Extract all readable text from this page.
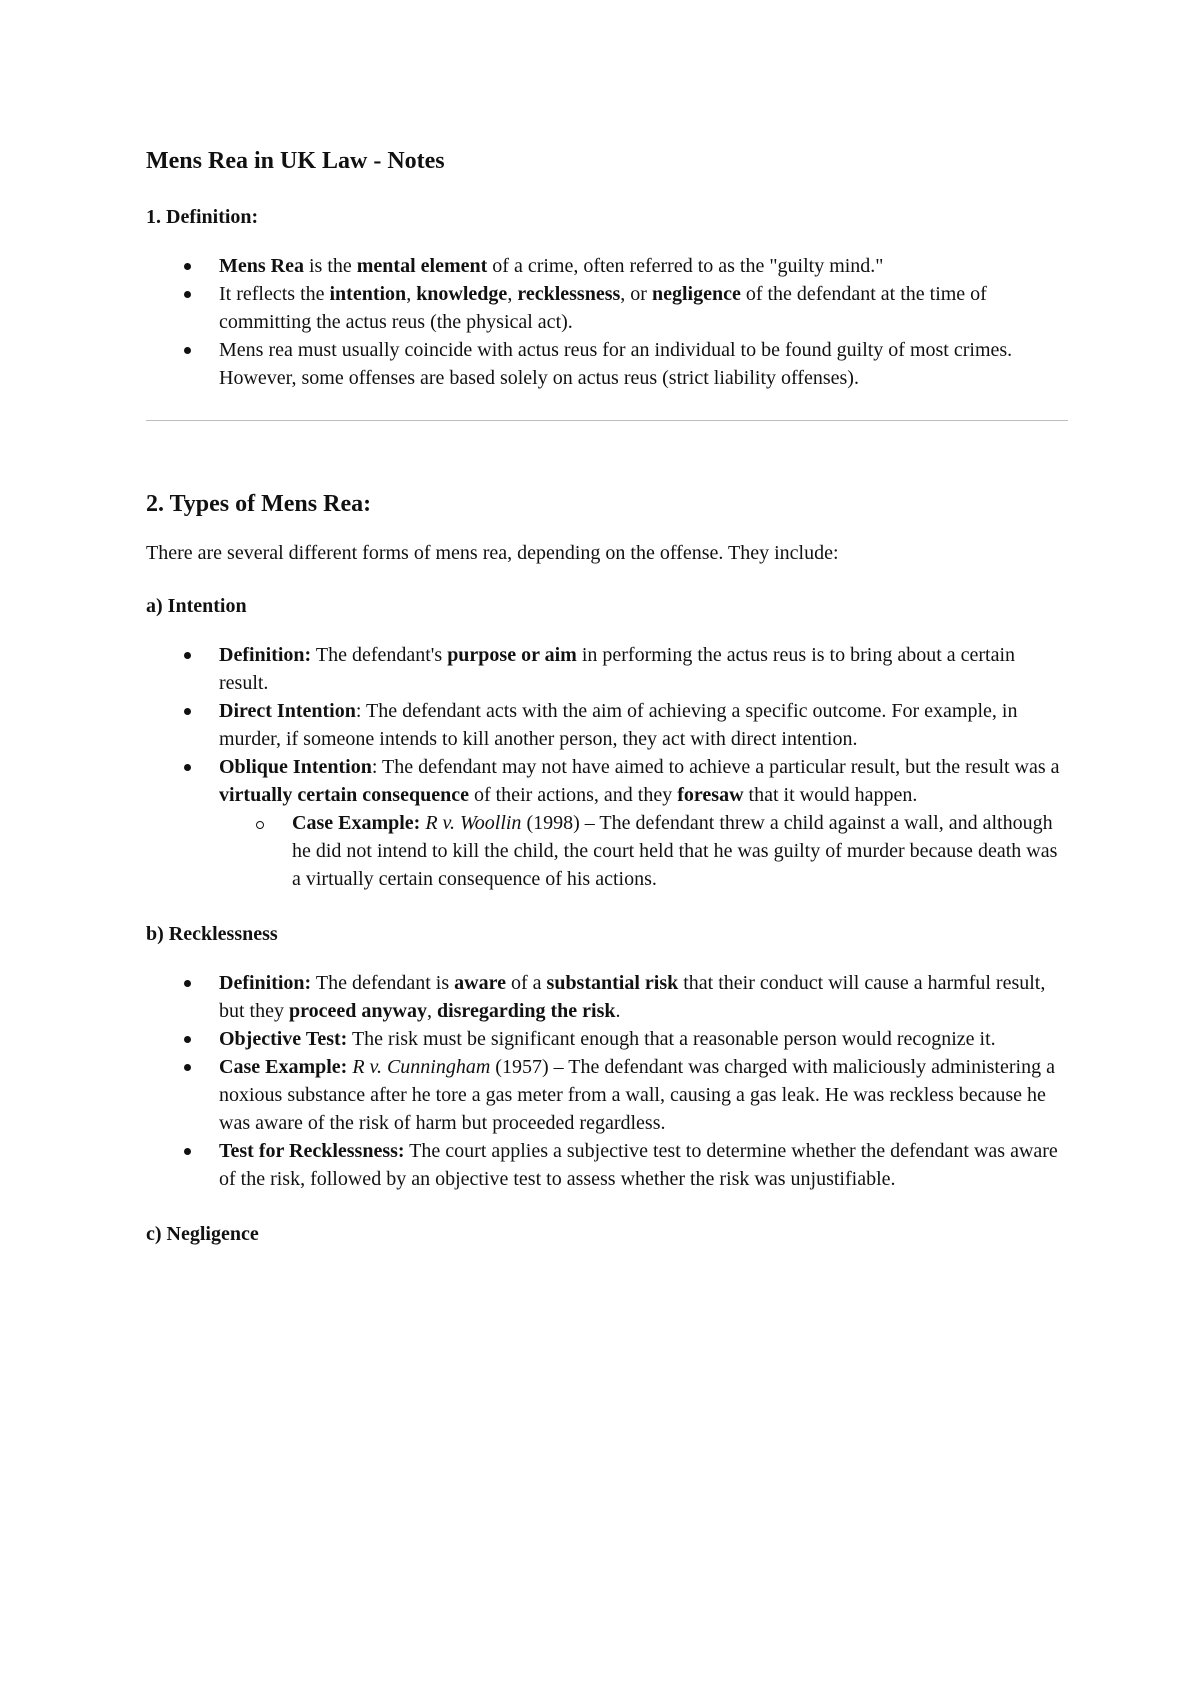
Mens Rea in UK Law - Notes
1. Definition:
Mens Rea is the mental element of a crime, often referred to as the "guilty mind."
It reflects the intention, knowledge, recklessness, or negligence of the defendant at the time of committing the actus reus (the physical act).
Mens rea must usually coincide with actus reus for an individual to be found guilty of most crimes. However, some offenses are based solely on actus reus (strict liability offenses).
2. Types of Mens Rea:

There are several different forms of mens rea, depending on the offense. They include:

a) Intention
Definition: The defendant's purpose or aim in performing the actus reus is to bring about a certain result.
Direct Intention: The defendant acts with the aim of achieving a specific outcome. For example, in murder, if someone intends to kill another person, they act with direct intention.
Oblique Intention: The defendant may not have aimed to achieve a particular result, but the result was a virtually certain consequence of their actions, and they foresaw that it would happen.
Case Example: R v. Woollin (1998) – The defendant threw a child against a wall, and although he did not intend to kill the child, the court held that he was guilty of murder because death was a virtually certain consequence of his actions.
b) Recklessness
Definition: The defendant is aware of a substantial risk that their conduct will cause a harmful result, but they proceed anyway, disregarding the risk.
Objective Test: The risk must be significant enough that a reasonable person would recognize it.
Case Example: R v. Cunningham (1957) – The defendant was charged with maliciously administering a noxious substance after he tore a gas meter from a wall, causing a gas leak. He was reckless because he was aware of the risk of harm but proceeded regardless.
Test for Recklessness: The court applies a subjective test to determine whether the defendant was aware of the risk, followed by an objective test to assess whether the risk was unjustifiable.
c) Negligence
